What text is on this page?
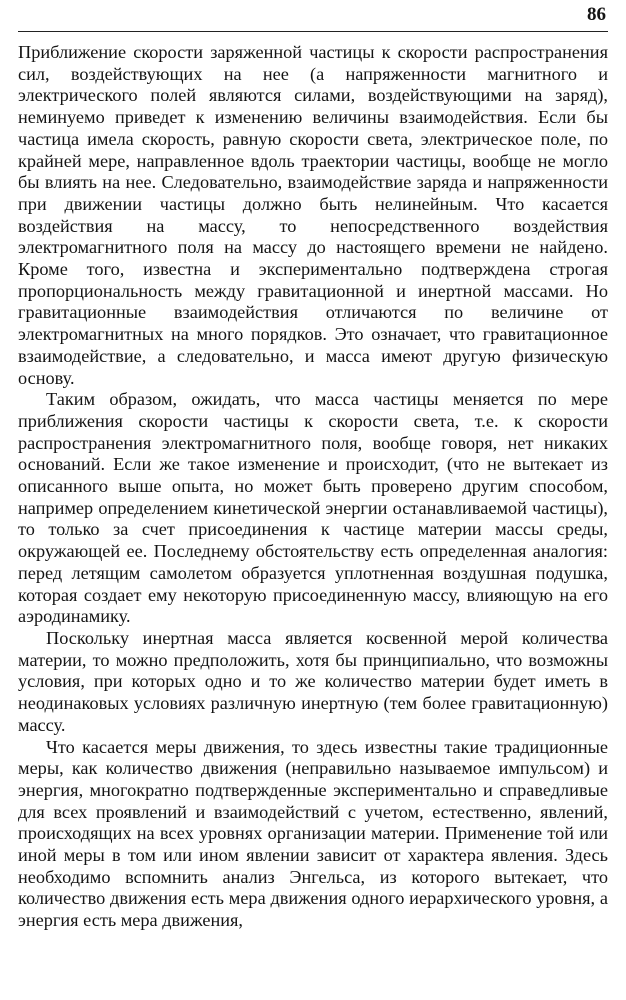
86

Приближение скорости заряженной частицы к скорости распространения сил, воздействующих на нее (а напряженности магнитного и электрического полей являются силами, воздействующими на заряд), неминуемо приведет к изменению величины взаимодействия. Если бы частица имела скорость, равную скорости света, электрическое поле, по крайней мере, направленное вдоль траектории частицы, вообще не могло бы влиять на нее. Следовательно, взаимодействие заряда и напряженности при движении частицы должно быть нелинейным. Что касается воздействия на массу, то непосредственного воздействия электромагнитного поля на массу до настоящего времени не найдено. Кроме того, известна и экспериментально подтверждена строгая пропорциональность между гравитационной и инертной массами. Но гравитационные взаимодействия отличаются по величине от электромагнитных на много порядков. Это означает, что гравитационное взаимодействие, а следовательно, и масса имеют другую физическую основу.

Таким образом, ожидать, что масса частицы меняется по мере приближения скорости частицы к скорости света, т.е. к скорости распространения электромагнитного поля, вообще говоря, нет никаких оснований. Если же такое изменение и происходит, (что не вытекает из описанного выше опыта, но может быть проверено другим способом, например определением кинетической энергии останавливаемой частицы), то только за счет присоединения к частице материи массы среды, окружающей ее. Последнему обстоятельству есть определенная аналогия: перед летящим самолетом образуется уплотненная воздушная подушка, которая создает ему некоторую присоединенную массу, влияющую на его аэродинамику.

Поскольку инертная масса является косвенной мерой количества материи, то можно предположить, хотя бы принципиально, что возможны условия, при которых одно и то же количество материи будет иметь в неодинаковых условиях различную инертную (тем более гравитационную) массу.

Что касается меры движения, то здесь известны такие традиционные меры, как количество движения (неправильно называемое импульсом) и энергия, многократно подтвержденные экспериментально и справедливые для всех проявлений и взаимодействий с учетом, естественно, явлений, происходящих на всех уровнях организации материи. Применение той или иной меры в том или ином явлении зависит от характера явления. Здесь необходимо вспомнить анализ Энгельса, из которого вытекает, что количество движения есть мера движения одного иерархического уровня, а энергия есть мера движения,
